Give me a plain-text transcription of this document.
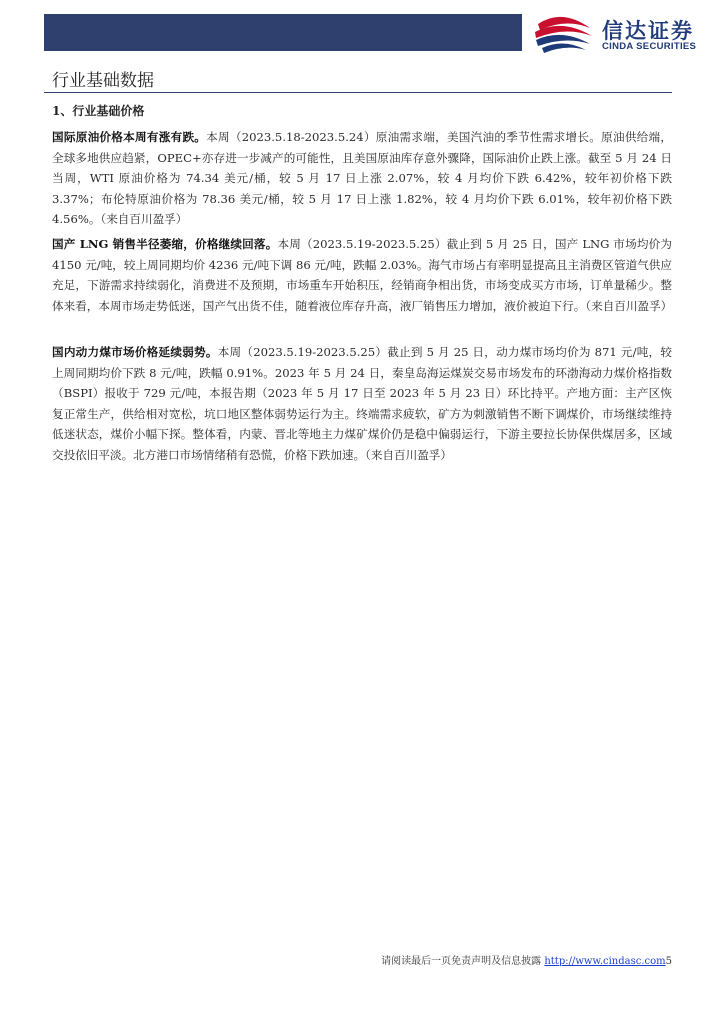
信达证券
CINDA SECURITIES
行业基础数据
1、行业基础价格
国际原油价格本周有涨有跌。本周（2023.5.18-2023.5.24）原油需求端，美国汽油的季节性需求增长。原油供给端，全球多地供应趋紧，OPEC+亦存进一步减产的可能性，且美国原油库存意外骤降，国际油价止跌上涨。截至 5 月 24 日当周，WTI 原油价格为 74.34 美元/桶，较 5 月 17 日上涨 2.07%，较 4 月均价下跌 6.42%，较年初价格下跌 3.37%；布伦特原油价格为 78.36 美元/桶，较 5 月 17 日上涨 1.82%，较 4 月均价下跌 6.01%，较年初价格下跌 4.56%。（来自百川盈孚）
国产 LNG 销售半径萎缩，价格继续回落。本周（2023.5.19-2023.5.25）截止到 5 月 25 日，国产 LNG 市场均价为 4150 元/吨，较上周同期均价 4236 元/吨下调 86 元/吨，跌幅 2.03%。海气市场占有率明显提高且主消费区管道气供应充足，下游需求持续弱化，消费进不及预期，市场重车开始积压，经销商争相出货，市场变成买方市场，订单量稀少。整体来看，本周市场走势低迷，国产气出货不佳，随着液位库存升高，液厂销售压力增加，液价被迫下行。（来自百川盈孚）
国内动力煤市场价格延续弱势。本周（2023.5.19-2023.5.25）截止到 5 月 25 日，动力煤市场均价为 871 元/吨，较上周同期均价下跌 8 元/吨，跌幅 0.91%。2023 年 5 月 24 日，秦皇岛海运煤炭交易市场发布的环渤海动力煤价格指数（BSPI）报收于 729 元/吨，本报告期（2023 年 5 月 17 日至 2023 年 5 月 23 日）环比持平。产地方面：主产区恢复正常生产，供给相对宽松，坑口地区整体弱势运行为主。终端需求疲软，矿方为刺激销售不断下调煤价，市场继续维持低迷状态，煤价小幅下探。整体看，内蒙、晋北等地主力煤矿煤价仍是稳中偏弱运行，下游主要拉长协保供煤居多，区域交投依旧平淡。北方港口市场情绪稍有恐慌，价格下跌加速。（来自百川盈孚）
请阅读最后一页免责声明及信息披露 http://www.cindasc.com5
